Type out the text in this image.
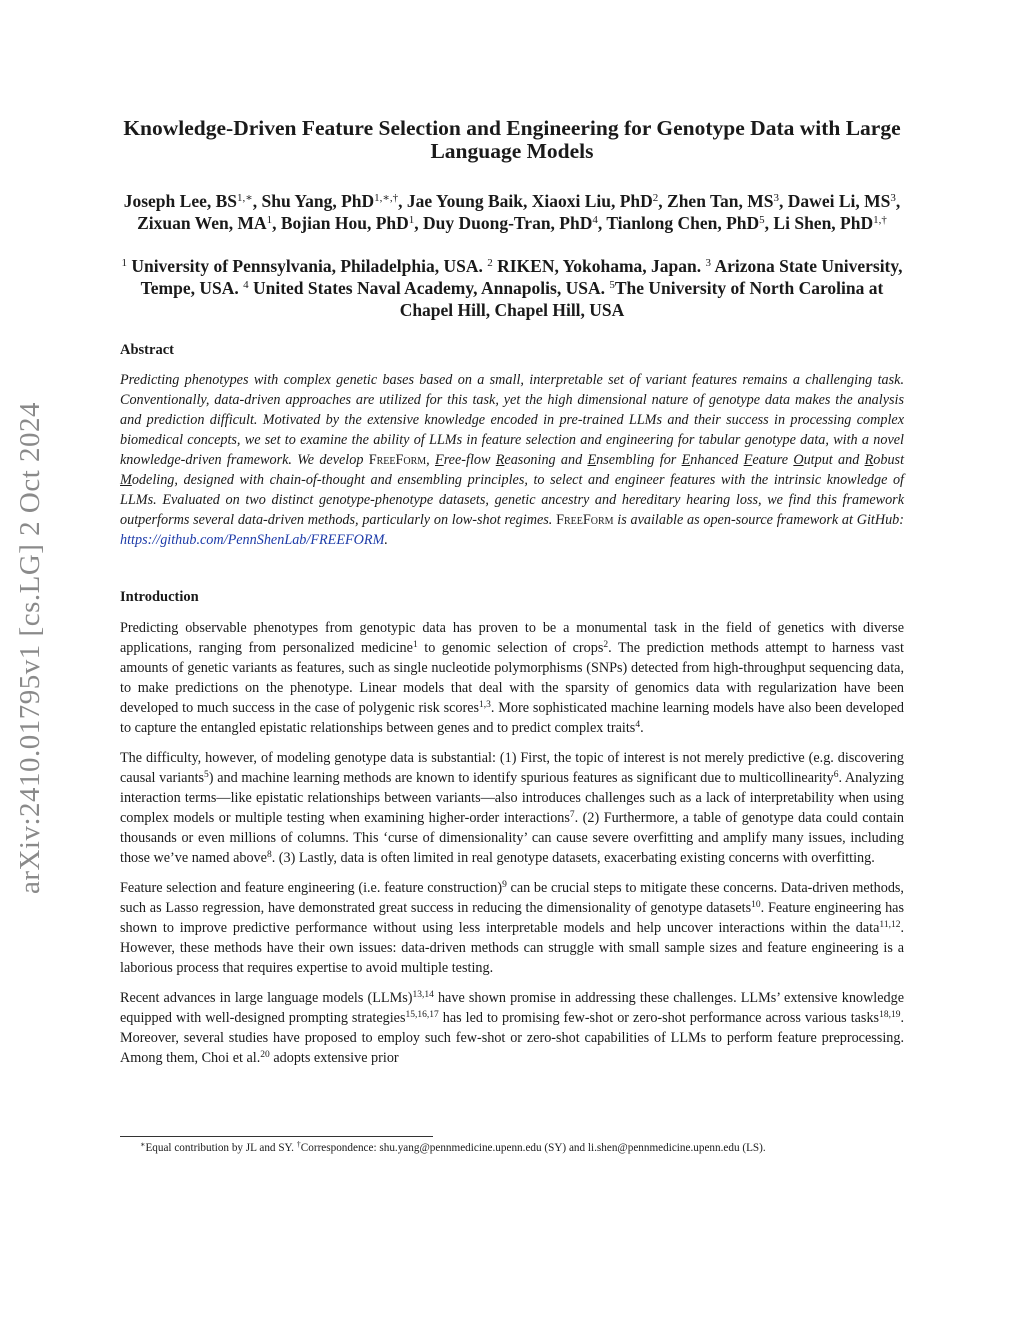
arXiv:2410.01795v1 [cs.LG] 2 Oct 2024
Knowledge-Driven Feature Selection and Engineering for Genotype Data with Large Language Models
Joseph Lee, $BS^{1,∗}$, Shu Yang, PhD$^{1,∗,\dagger}$, Jae Young Baik, Xiaoxi Liu, PhD$^2$, Zhen Tan, $MS^3$, Dawei Li, $MS^3$, Zixuan Wen, $MA^1$, Bojian Hou, PhD$^1$, Duy Duong-Tran, PhD$^4$, Tianlong Chen, PhD$^5$, Li Shen, PhD$^{1,\dagger}$
$^1$ University of Pennsylvania, Philadelphia, USA. $^2$ RIKEN, Yokohama, Japan. $^3$ Arizona State University, Tempe, USA. $^4$ United States Naval Academy, Annapolis, USA. $^5$The University of North Carolina at Chapel Hill, Chapel Hill, USA
Abstract
Predicting phenotypes with complex genetic bases based on a small, interpretable set of variant features remains a challenging task. Conventionally, data-driven approaches are utilized for this task, yet the high dimensional nature of genotype data makes the analysis and prediction difficult. Motivated by the extensive knowledge encoded in pre-trained LLMs and their success in processing complex biomedical concepts, we set to examine the ability of LLMs in feature selection and engineering for tabular genotype data, with a novel knowledge-driven framework. We develop FreeForm, Free-flow Reasoning and Ensembling for Enhanced Feature Output and Robust Modeling, designed with chain-of-thought and ensembling principles, to select and engineer features with the intrinsic knowledge of LLMs. Evaluated on two distinct genotype-phenotype datasets, genetic ancestry and hereditary hearing loss, we find this framework outperforms several data-driven methods, particularly on low-shot regimes. FreeForm is available as open-source framework at GitHub: https://github.com/PennShenLab/FREEFORM.
Introduction

Predicting observable phenotypes from genotypic data has proven to be a monumental task in the field of genetics with diverse applications, ranging from personalized medicine$^1$ to genomic selection of crops$^2$. The prediction methods attempt to harness vast amounts of genetic variants as features, such as single nucleotide polymorphisms (SNPs) detected from high-throughput sequencing data, to make predictions on the phenotype. Linear models that deal with the sparsity of genomics data with regularization have been developed to much success in the case of polygenic risk scores$^{1,3}$. More sophisticated machine learning models have also been developed to capture the entangled epistatic relationships between genes and to predict complex traits$^4$.

The difficulty, however, of modeling genotype data is substantial: (1) First, the topic of interest is not merely predictive (e.g. discovering causal variants$^5$) and machine learning methods are known to identify spurious features as significant due to multicollinearity$^6$. Analyzing interaction terms—like epistatic relationships between variants—also introduces challenges such as a lack of interpretability when using complex models or multiple testing when examining higher-order interactions$^7$. (2) Furthermore, a table of genotype data could contain thousands or even millions of columns. This ‘curse of dimensionality’ can cause severe overfitting and amplify many issues, including those we’ve named above$^8$. (3) Lastly, data is often limited in real genotype datasets, exacerbating existing concerns with overfitting.

Feature selection and feature engineering (i.e. feature construction)$^9$ can be crucial steps to mitigate these concerns. Data-driven methods, such as Lasso regression, have demonstrated great success in reducing the dimensionality of genotype datasets$^{10}$. Feature engineering has shown to improve predictive performance without using less interpretable models and help uncover interactions within the data$^{11,12}$. However, these methods have their own issues: data-driven methods can struggle with small sample sizes and feature engineering is a laborious process that requires expertise to avoid multiple testing.

Recent advances in large language models (LLMs)$^{13,14}$ have shown promise in addressing these challenges. LLMs’ extensive knowledge equipped with well-designed prompting strategies$^{15,16,17}$ has led to promising few-shot or zero-shot performance across various tasks$^{18,19}$. Moreover, several studies have proposed to employ such few-shot or zero-shot capabilities of LLMs to perform feature preprocessing. Among them, Choi et al.$^{20}$ adopts extensive prior

∗Equal contribution by JL and SY. †Correspondence: shu.yang@pennmedicine.upenn.edu (SY) and li.shen@pennmedicine.upenn.edu (LS).
